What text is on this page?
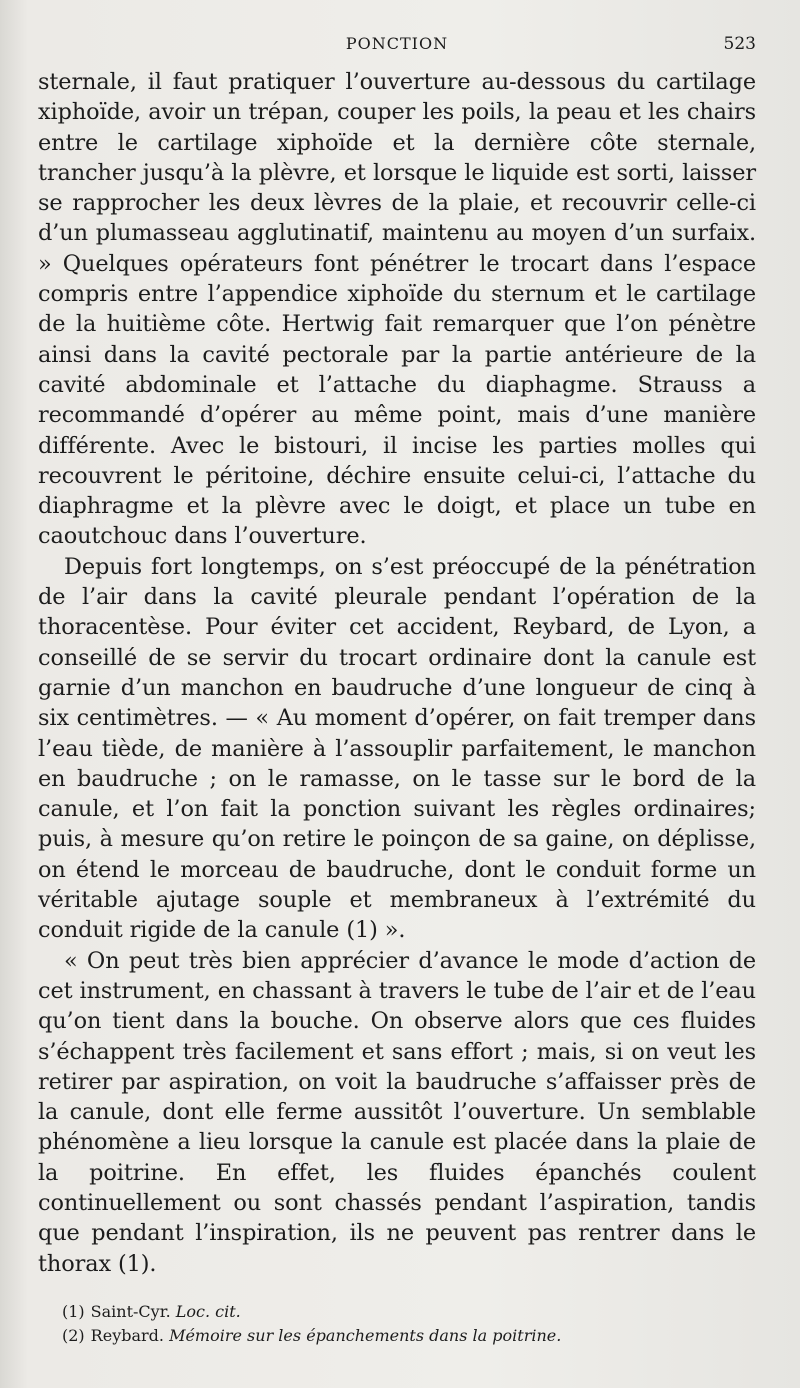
PONCTION	523

sternale, il faut pratiquer l’ouverture au-dessous du cartilage xiphoïde, avoir un trépan, couper les poils, la peau et les chairs entre le cartilage xiphoïde et la dernière côte sternale, trancher jusqu’à la plèvre, et lorsque le liquide est sorti, laisser se rapprocher les deux lèvres de la plaie, et recouvrir celle-ci d’un plumasseau agglutinatif, maintenu au moyen d’un surfaix. » Quelques opérateurs font pénétrer le trocart dans l’espace compris entre l’appendice xiphoïde du sternum et le cartilage de la huitième côte. Hertwig fait remarquer que l’on pénètre ainsi dans la cavité pectorale par la partie antérieure de la cavité abdominale et l’attache du diaphagme. Strauss a recommandé d’opérer au même point, mais d’une manière différente. Avec le bistouri, il incise les parties molles qui recouvrent le péritoine, déchire ensuite celui-ci, l’attache du diaphragme et la plèvre avec le doigt, et place un tube en caoutchouc dans l’ouverture.

Depuis fort longtemps, on s’est préoccupé de la pénétration de l’air dans la cavité pleurale pendant l’opération de la thoracentèse. Pour éviter cet accident, Reybard, de Lyon, a conseillé de se servir du trocart ordinaire dont la canule est garnie d’un manchon en baudruche d’une longueur de cinq à six centimètres. — « Au moment d’opérer, on fait tremper dans l’eau tiède, de manière à l’assouplir parfaitement, le manchon en baudruche ; on le ramasse, on le tasse sur le bord de la canule, et l’on fait la ponction suivant les règles ordinaires; puis, à mesure qu’on retire le poinçon de sa gaine, on déplisse, on étend le morceau de baudruche, dont le conduit forme un véritable ajutage souple et membraneux à l’extrémité du conduit rigide de la canule (1) ».

« On peut très bien apprécier d’avance le mode d’action de cet instrument, en chassant à travers le tube de l’air et de l’eau qu’on tient dans la bouche. On observe alors que ces fluides s’échappent très facilement et sans effort ; mais, si on veut les retirer par aspiration, on voit la baudruche s’affaisser près de la canule, dont elle ferme aussitôt l’ouverture. Un semblable phénomène a lieu lorsque la canule est placée dans la plaie de la poitrine. En effet, les fluides épanchés coulent continuellement ou sont chassés pendant l’aspiration, tandis que pendant l’inspiration, ils ne peuvent pas rentrer dans le thorax (1).

(1) Saint-Cyr. Loc. cit.

(2) Reybard. Mémoire sur les épanchements dans la poitrine.
